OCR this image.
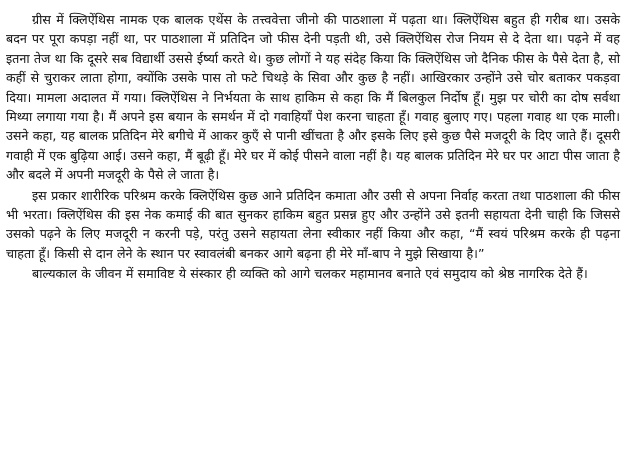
ग्रीस में क्लिऐंथिस नामक एक बालक एथेंस के तत्त्ववेत्ता जीनो की पाठशाला में पढ़ता था। क्लिऐंथिस बहुत ही गरीब था। उसके बदन पर पूरा कपड़ा नहीं था, पर पाठशाला में प्रतिदिन जो फीस देनी पड़ती थी, उसे क्लिऐंथिस रोज नियम से दे देता था। पढ़ने में वह इतना तेज था कि दूसरे सब विद्यार्थी उससे ईर्ष्या करते थे। कुछ लोगों ने यह संदेह किया कि क्लिऐंथिस जो दैनिक फीस के पैसे देता है, सो कहीं से चुराकर लाता होगा, क्योंकि उसके पास तो फटे चिथड़े के सिवा और कुछ है नहीं। आखिरकार उन्होंने उसे चोर बताकर पकड़वा दिया। मामला अदालत में गया। क्लिऐंथिस ने निर्भयता के साथ हाकिम से कहा कि मैं बिलकुल निर्दोष हूँ। मुझ पर चोरी का दोष सर्वथा मिथ्या लगाया गया है। मैं अपने इस बयान के समर्थन में दो गवाहियाँ पेश करना चाहता हूँ। गवाह बुलाए गए। पहला गवाह था एक माली। उसने कहा, यह बालक प्रतिदिन मेरे बगीचे में आकर कुएँ से पानी खींचता है और इसके लिए इसे कुछ पैसे मजदूरी के दिए जाते हैं। दूसरी गवाही में एक बुढ़िया आई। उसने कहा, मैं बूढ़ी हूँ। मेरे घर में कोई पीसने वाला नहीं है। यह बालक प्रतिदिन मेरे घर पर आटा पीस जाता है और बदले में अपनी मजदूरी के पैसे ले जाता है।

इस प्रकार शारीरिक परिश्रम करके क्लिऐंथिस कुछ आने प्रतिदिन कमाता और उसी से अपना निर्वाह करता तथा पाठशाला की फीस भी भरता। क्लिऐंथिस की इस नेक कमाई की बात सुनकर हाकिम बहुत प्रसन्न हुए और उन्होंने उसे इतनी सहायता देनी चाही कि जिससे उसको पढ़ने के लिए मजदूरी न करनी पड़े, परंतु उसने सहायता लेना स्वीकार नहीं किया और कहा, “मैं स्वयं परिश्रम करके ही पढ़ना चाहता हूँ। किसी से दान लेने के स्थान पर स्वावलंबी बनकर आगे बढ़ना ही मेरे माँ-बाप ने मुझे सिखाया है।”

बाल्यकाल के जीवन में समाविष्ट ये संस्कार ही व्यक्ति को आगे चलकर महामानव बनाते एवं समुदाय को श्रेष्ठ नागरिक देते हैं।
